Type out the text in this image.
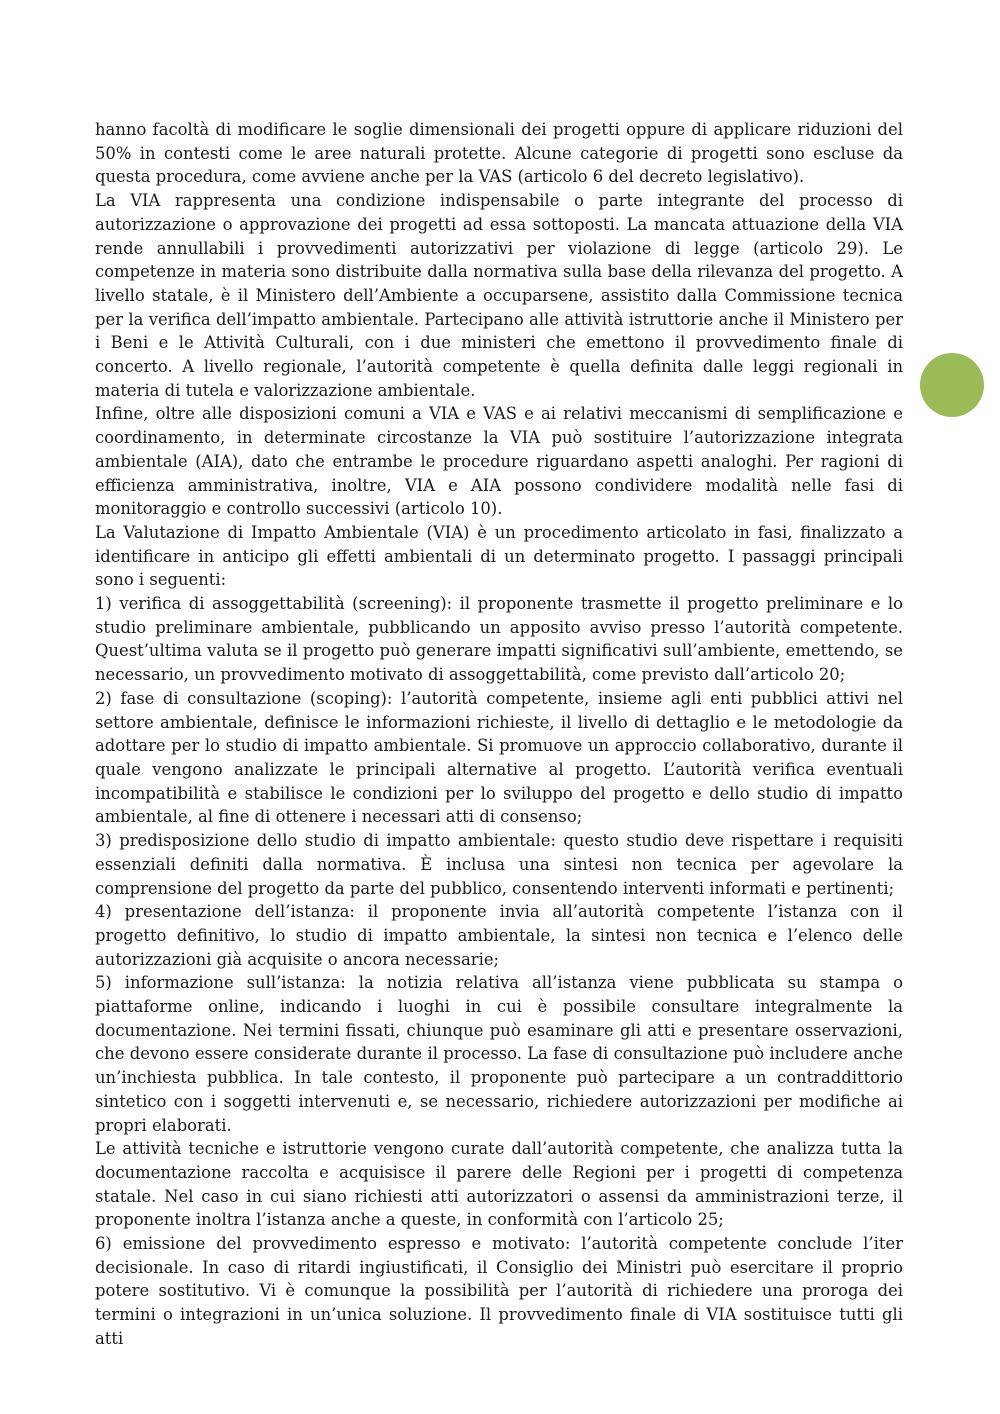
hanno facoltà di modificare le soglie dimensionali dei progetti oppure di applicare riduzioni del 50% in contesti come le aree naturali protette. Alcune categorie di progetti sono escluse da questa procedura, come avviene anche per la VAS (articolo 6 del decreto legislativo).

La VIA rappresenta una condizione indispensabile o parte integrante del processo di autorizzazione o approvazione dei progetti ad essa sottoposti. La mancata attuazione della VIA rende annullabili i provvedimenti autorizzativi per violazione di legge (articolo 29). Le competenze in materia sono distribuite dalla normativa sulla base della rilevanza del progetto. A livello statale, è il Ministero dell’Ambiente a occuparsene, assistito dalla Commissione tecnica per la verifica dell’impatto ambientale. Partecipano alle attività istruttorie anche il Ministero per i Beni e le Attività Culturali, con i due ministeri che emettono il provvedimento finale di concerto. A livello regionale, l’autorità competente è quella definita dalle leggi regionali in materia di tutela e valorizzazione ambientale.

Infine, oltre alle disposizioni comuni a VIA e VAS e ai relativi meccanismi di semplificazione e coordinamento, in determinate circostanze la VIA può sostituire l’autorizzazione integrata ambientale (AIA), dato che entrambe le procedure riguardano aspetti analoghi. Per ragioni di efficienza amministrativa, inoltre, VIA e AIA possono condividere modalità nelle fasi di monitoraggio e controllo successivi (articolo 10).

La Valutazione di Impatto Ambientale (VIA) è un procedimento articolato in fasi, finalizzato a identificare in anticipo gli effetti ambientali di un determinato progetto. I passaggi principali sono i seguenti:

1) verifica di assoggettabilità (screening): il proponente trasmette il progetto preliminare e lo studio preliminare ambientale, pubblicando un apposito avviso presso l’autorità competente. Quest’ultima valuta se il progetto può generare impatti significativi sull’ambiente, emettendo, se necessario, un provvedimento motivato di assoggettabilità, come previsto dall’articolo 20;

2) fase di consultazione (scoping): l’autorità competente, insieme agli enti pubblici attivi nel settore ambientale, definisce le informazioni richieste, il livello di dettaglio e le metodologie da adottare per lo studio di impatto ambientale. Si promuove un approccio collaborativo, durante il quale vengono analizzate le principali alternative al progetto. L’autorità verifica eventuali incompatibilità e stabilisce le condizioni per lo sviluppo del progetto e dello studio di impatto ambientale, al fine di ottenere i necessari atti di consenso;

3) predisposizione dello studio di impatto ambientale: questo studio deve rispettare i requisiti essenziali definiti dalla normativa. È inclusa una sintesi non tecnica per agevolare la comprensione del progetto da parte del pubblico, consentendo interventi informati e pertinenti;

4) presentazione dell’istanza: il proponente invia all’autorità competente l’istanza con il progetto definitivo, lo studio di impatto ambientale, la sintesi non tecnica e l’elenco delle autorizzazioni già acquisite o ancora necessarie;

5) informazione sull’istanza: la notizia relativa all’istanza viene pubblicata su stampa o piattaforme online, indicando i luoghi in cui è possibile consultare integralmente la documentazione. Nei termini fissati, chiunque può esaminare gli atti e presentare osservazioni, che devono essere considerate durante il processo. La fase di consultazione può includere anche un’inchiesta pubblica. In tale contesto, il proponente può partecipare a un contraddittorio sintetico con i soggetti intervenuti e, se necessario, richiedere autorizzazioni per modifiche ai propri elaborati.

Le attività tecniche e istruttorie vengono curate dall’autorità competente, che analizza tutta la documentazione raccolta e acquisisce il parere delle Regioni per i progetti di competenza statale. Nel caso in cui siano richiesti atti autorizzatori o assensi da amministrazioni terze, il proponente inoltra l’istanza anche a queste, in conformità con l’articolo 25;

6) emissione del provvedimento espresso e motivato: l’autorità competente conclude l’iter decisionale. In caso di ritardi ingiustificati, il Consiglio dei Ministri può esercitare il proprio potere sostitutivo. Vi è comunque la possibilità per l’autorità di richiedere una proroga dei termini o integrazioni in un’unica soluzione. Il provvedimento finale di VIA sostituisce tutti gli atti
